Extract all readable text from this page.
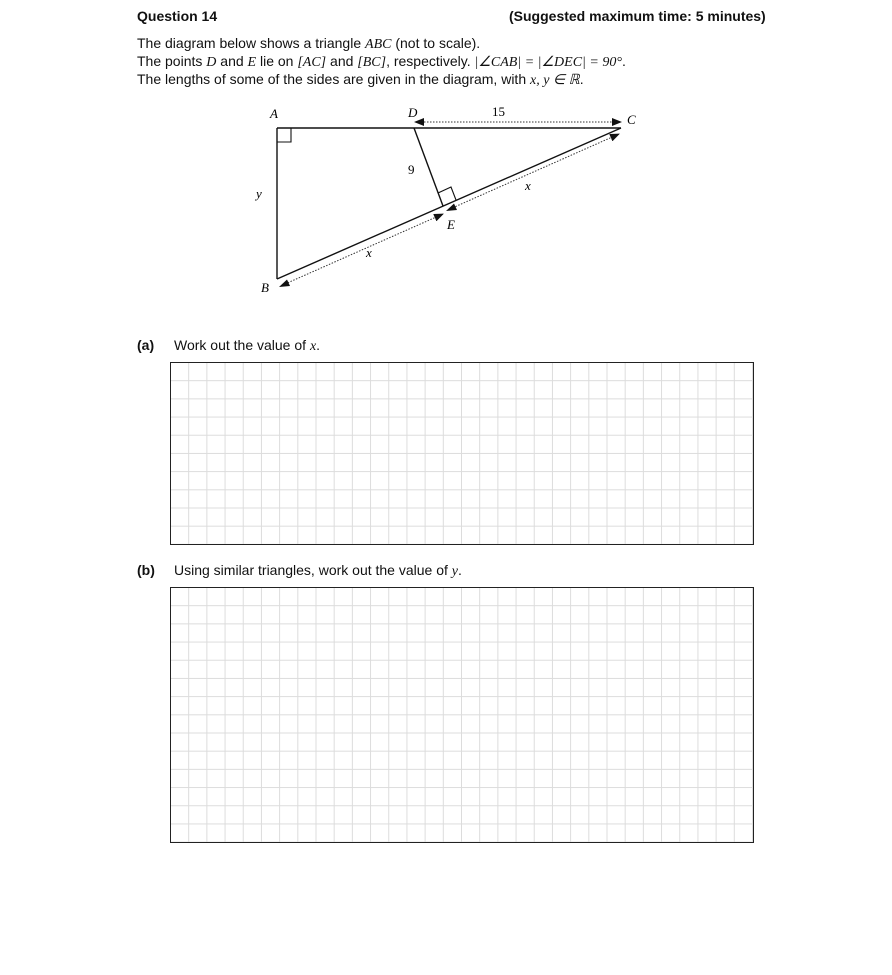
Question 14	(Suggested maximum time: 5 minutes)
The diagram below shows a triangle ABC (not to scale).
The points D and E lie on [AC] and [BC], respectively. |∠CAB| = |∠DEC| = 90°.
The lengths of some of the sides are given in the diagram, with x, y ∈ ℝ.
A
B
C
D
E
15
9
y
x
x
(a) Work out the value of x.
(b) Using similar triangles, work out the value of y.
